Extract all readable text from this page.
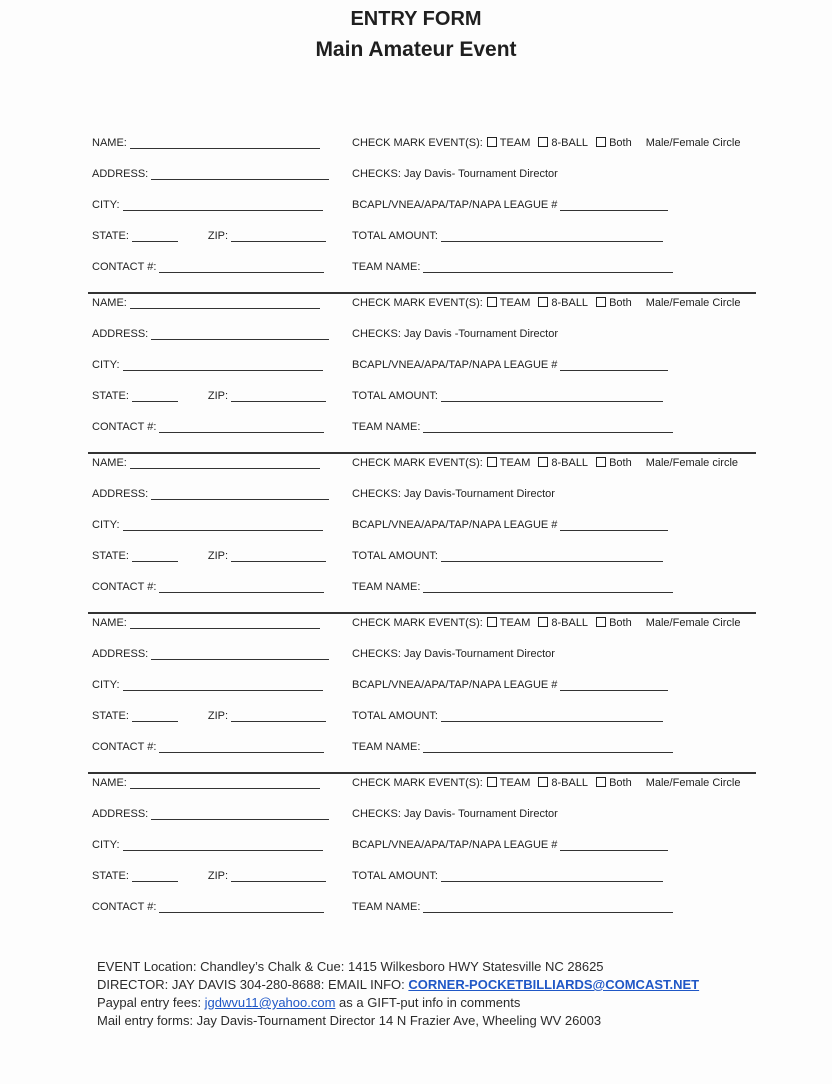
ENTRY FORM
Main Amateur Event
NAME:	CHECK MARK EVENT(S): TEAM 8-BALL Both Male/Female Circle
ADDRESS:	CHECKS: Jay Davis- Tournament Director
CITY:	BCAPL/VNEA/APA/TAP/NAPA LEAGUE #
STATE:	ZIP:	TOTAL AMOUNT:
CONTACT #:	TEAM NAME:
NAME:	CHECK MARK EVENT(S): TEAM 8-BALL Both Male/Female Circle
ADDRESS:	CHECKS: Jay Davis -Tournament Director
CITY:	BCAPL/VNEA/APA/TAP/NAPA LEAGUE #
STATE:	ZIP:	TOTAL AMOUNT:
CONTACT #:	TEAM NAME:
NAME:	CHECK MARK EVENT(S): TEAM 8-BALL Both Male/Female circle
ADDRESS:	CHECKS: Jay Davis-Tournament Director
CITY:	BCAPL/VNEA/APA/TAP/NAPA LEAGUE #
STATE:	ZIP:	TOTAL AMOUNT:
CONTACT #:	TEAM NAME:
NAME:	CHECK MARK EVENT(S): TEAM 8-BALL Both Male/Female Circle
ADDRESS:	CHECKS: Jay Davis-Tournament Director
CITY:	BCAPL/VNEA/APA/TAP/NAPA LEAGUE #
STATE:	ZIP:	TOTAL AMOUNT:
CONTACT #:	TEAM NAME:
NAME:	CHECK MARK EVENT(S): TEAM 8-BALL Both Male/Female Circle
ADDRESS:	CHECKS: Jay Davis- Tournament Director
CITY:	BCAPL/VNEA/APA/TAP/NAPA LEAGUE #
STATE:	ZIP:	TOTAL AMOUNT:
CONTACT #:	TEAM NAME:
EVENT Location: Chandley’s Chalk & Cue: 1415 Wilkesboro HWY Statesville NC 28625
DIRECTOR: JAY DAVIS 304-280-8688: EMAIL INFO: CORNER-POCKETBILLIARDS@COMCAST.NET
Paypal entry fees: jgdwvu11@yahoo.com as a GIFT-put info in comments
Mail entry forms: Jay Davis-Tournament Director 14 N Frazier Ave, Wheeling WV 26003
